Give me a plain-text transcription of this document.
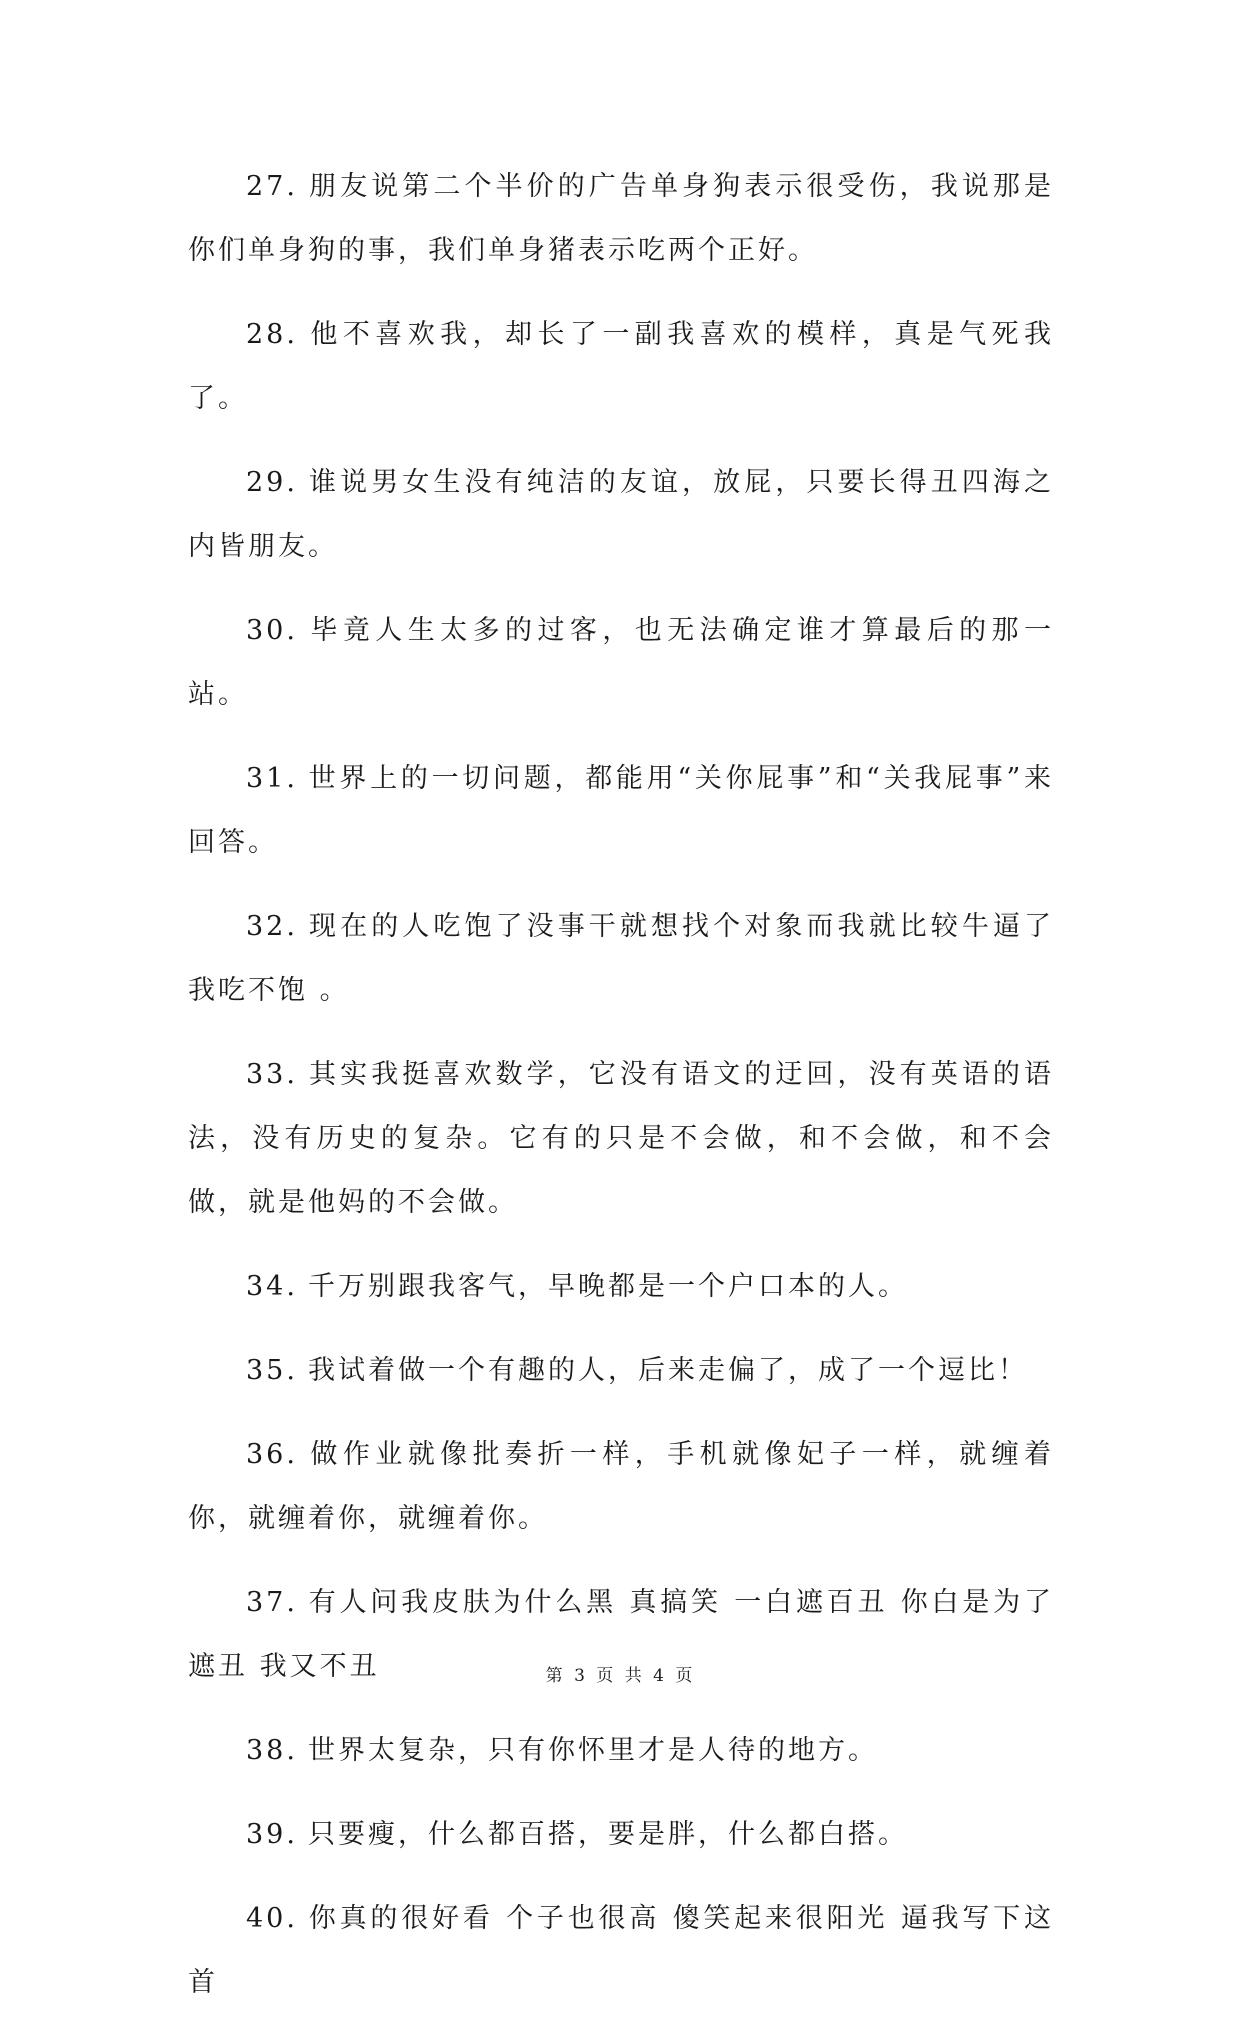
27. 朋友说第二个半价的广告单身狗表示很受伤，我说那是你们单身狗的事，我们单身猪表示吃两个正好。

28. 他不喜欢我，却长了一副我喜欢的模样，真是气死我了。

29. 谁说男女生没有纯洁的友谊，放屁，只要长得丑四海之内皆朋友。

30. 毕竟人生太多的过客，也无法确定谁才算最后的那一站。

31. 世界上的一切问题，都能用“关你屁事”和“关我屁事”来回答。

32. 现在的人吃饱了没事干就想找个对象而我就比较牛逼了我吃不饱 。

33. 其实我挺喜欢数学，它没有语文的迂回，没有英语的语法，没有历史的复杂。它有的只是不会做，和不会做，和不会做，就是他妈的不会做。

34. 千万别跟我客气，早晚都是一个户口本的人。

35. 我试着做一个有趣的人，后来走偏了，成了一个逗比！

36. 做作业就像批奏折一样，手机就像妃子一样，就缠着你，就缠着你，就缠着你。

37. 有人问我皮肤为什么黑 真搞笑 一白遮百丑 你白是为了遮丑 我又不丑

38. 世界太复杂，只有你怀里才是人待的地方。

39. 只要瘦，什么都百搭，要是胖，什么都白搭。

40. 你真的很好看 个子也很高 傻笑起来很阳光 逼我写下这首

第 3 页 共 4 页
